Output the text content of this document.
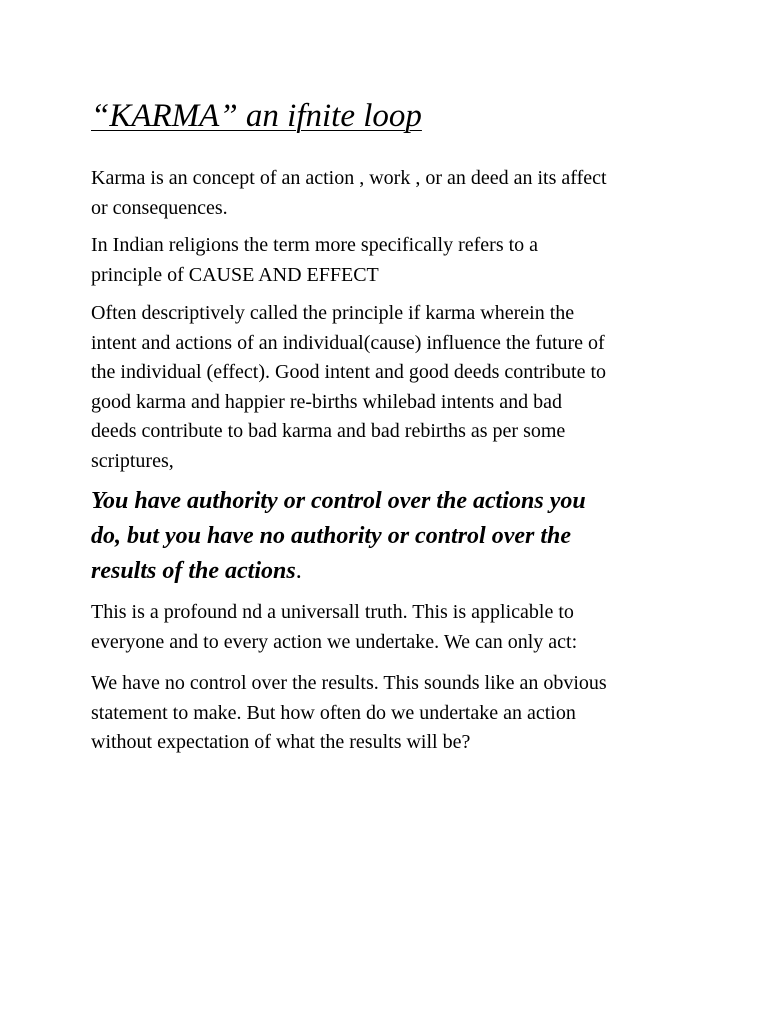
“KARMA” an ifnite loop

Karma is an concept of an action , work , or an deed an its affect
or consequences.

In Indian religions the term more specifically refers to a
principle of CAUSE AND EFFECT

Often descriptively called the principle if karma wherein the
intent and actions of an individual(cause) influence the future of
the individual (effect). Good intent and good deeds contribute to
good karma and happier re-births whilebad intents and bad
deeds contribute to bad karma and bad rebirths as per some
scriptures,

You have authority or control over the actions you
do, but you have no authority or control over the
results of the actions.

This is a profound nd a universall truth. This is applicable to
everyone and to every action we undertake. We can only act:

We have no control over the results. This sounds like an obvious
statement to make. But how often do we undertake an action
without expectation of what the results will be?
